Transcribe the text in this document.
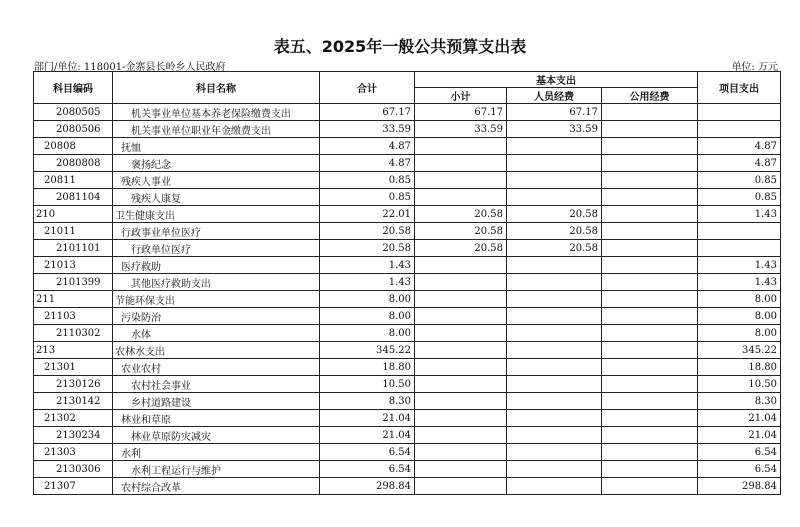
表五、2025年一般公共预算支出表
部门/单位: 118001-金寨县长岭乡人民政府	单位: 万元
科目编码	科目名称	合计	基本支出			项目支出
			小计	人员经费	公用经费	
2080505	机关事业单位基本养老保险缴费支出	67.17	67.17	67.17		
2080506	机关事业单位职业年金缴费支出	33.59	33.59	33.59		
20808	抚恤	4.87				4.87
2080808	褒扬纪念	4.87				4.87
20811	残疾人事业	0.85				0.85
2081104	残疾人康复	0.85				0.85
210	卫生健康支出	22.01	20.58	20.58		1.43
21011	行政事业单位医疗	20.58	20.58	20.58		
2101101	行政单位医疗	20.58	20.58	20.58		
21013	医疗救助	1.43				1.43
2101399	其他医疗救助支出	1.43				1.43
211	节能环保支出	8.00				8.00
21103	污染防治	8.00				8.00
2110302	水体	8.00				8.00
213	农林水支出	345.22				345.22
21301	农业农村	18.80				18.80
2130126	农村社会事业	10.50				10.50
2130142	乡村道路建设	8.30				8.30
21302	林业和草原	21.04				21.04
2130234	林业草原防灾减灾	21.04				21.04
21303	水利	6.54				6.54
2130306	水利工程运行与维护	6.54				6.54
21307	农村综合改革	298.84				298.84
